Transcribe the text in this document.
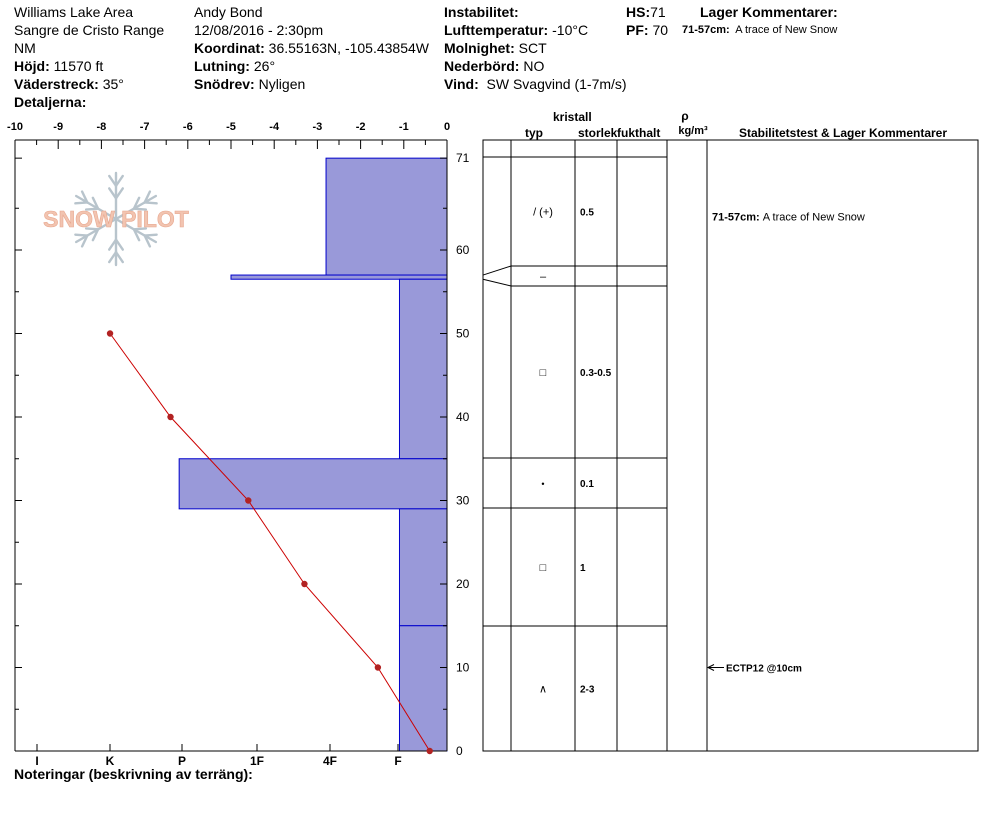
Williams Lake Area
Sangre de Cristo Range
NM
Höjd: 11570 ft
Väderstreck: 35°
Detaljerna:
Andy Bond
12/08/2016 - 2:30pm
Koordinat: 36.55163N, -105.43854W
Lutning: 26°
Snödrev: Nyligen
Instabilitet:
Lufttemperatur: -10°C
Molnighet: SCT
Nederbörd: NO
Vind: SW Svagvind (1-7m/s)
HS:71
PF: 70
Lager Kommentarer:
71-57cm: A trace of New Snow
SNOW PILOT
-10	-9	-8	-7	-6	-5	-4	-3	-2	-1	0
0
10
20
30
40
50
60
71
I	K	P	1F	4F	F
typ
kristall
storlek fukthalt
ρ
kg/m³	Stabilitetstest & Lager Kommentarer
/ (+)	0.5
–
□	0.3-0.5
•	0.1
□	1
∧	2-3
71-57cm: A trace of New Snow
ECTP12 @10cm
Noteringar (beskrivning av terräng):
